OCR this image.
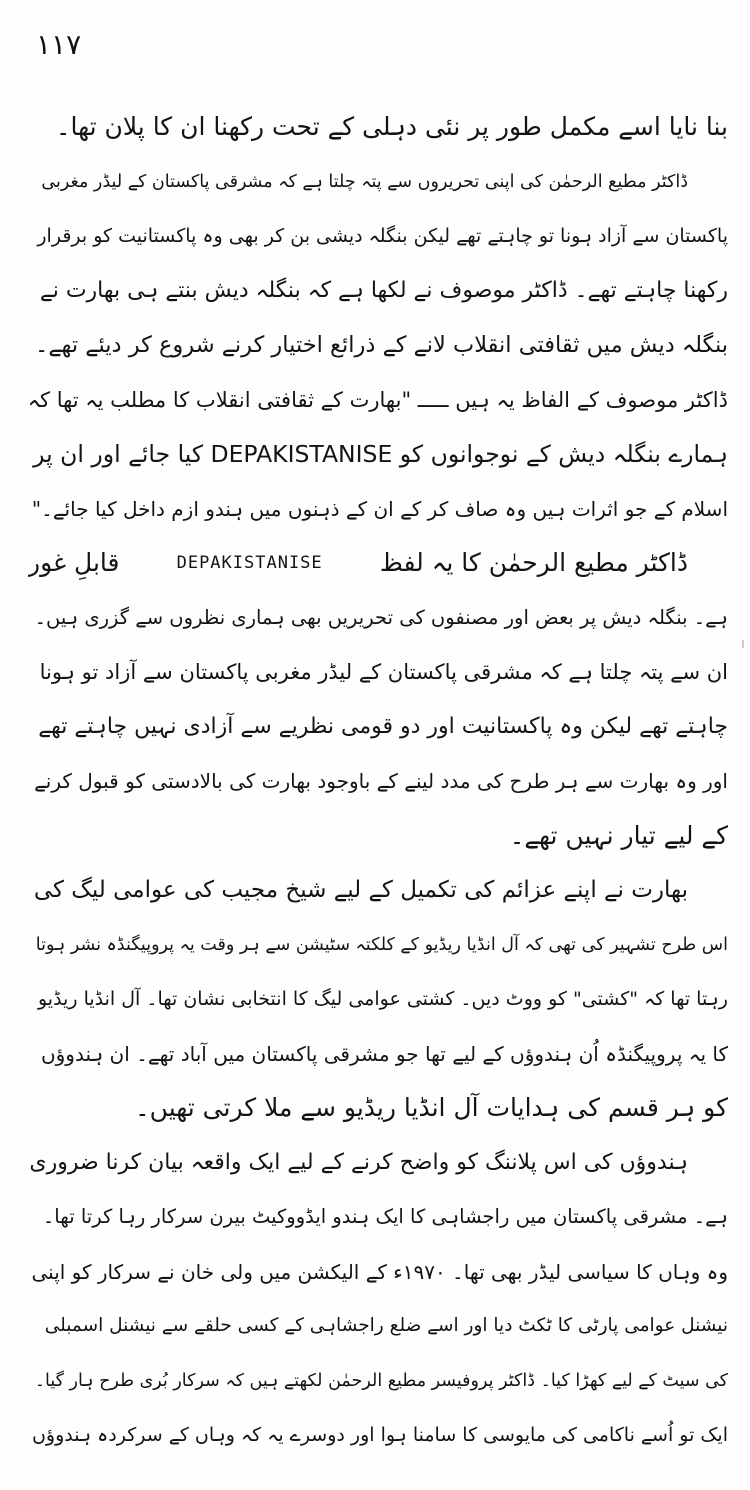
۱۱۷
بنا نایا اسے مکمل طور پر نئی دہلی کے تحت رکھنا ان کا پلان تھا۔
ڈاکٹر مطیع الرحمٰن کی اپنی تحریروں سے پتہ چلتا ہے کہ مشرقی پاکستان کے لیڈر مغربی
پاکستان سے آزاد ہونا تو چاہتے تھے لیکن بنگلہ دیشی بن کر بھی وہ پاکستانیت کو برقرار
رکھنا چاہتے تھے۔ ڈاکٹر موصوف نے لکھا ہے کہ بنگلہ دیش بنتے ہی بھارت نے
بنگلہ دیش میں ثقافتی انقلاب لانے کے ذرائع اختیار کرنے شروع کر دیئے تھے۔
ڈاکٹر موصوف کے الفاظ یہ ہیں ـــــ "بھارت کے ثقافتی انقلاب کا مطلب یہ تھا کہ
ہمارے بنگلہ دیش کے نوجوانوں کو DEPAKISTANISE کیا جائے اور ان پر
اسلام کے جو اثرات ہیں وہ صاف کر کے ان کے ذہنوں میں ہندو ازم داخل کیا جائے۔"
ڈاکٹر مطیع الرحمٰن کا یہ لفظ
DEPAKISTANISE
قابلِ غور
ہے۔ بنگلہ دیش پر بعض اور مصنفوں کی تحریریں بھی ہماری نظروں سے گزری ہیں۔
ان سے پتہ چلتا ہے کہ مشرقی پاکستان کے لیڈر مغربی پاکستان سے آزاد تو ہونا
چاہتے تھے لیکن وہ پاکستانیت اور دو قومی نظریے سے آزادی نہیں چاہتے تھے
اور وہ بھارت سے ہر طرح کی مدد لینے کے باوجود بھارت کی بالادستی کو قبول کرنے
کے لیے تیار نہیں تھے۔
بھارت نے اپنے عزائم کی تکمیل کے لیے شیخ مجیب کی عوامی لیگ کی
اس طرح تشہیر کی تھی کہ آل انڈیا ریڈیو کے کلکتہ سٹیشن سے ہر وقت یہ پروپیگنڈہ نشر ہوتا
رہتا تھا کہ "کشتی" کو ووٹ دیں۔ کشتی عوامی لیگ کا انتخابی نشان تھا۔ آل انڈیا ریڈیو
کا یہ پروپیگنڈہ اُن ہندوؤں کے لیے تھا جو مشرقی پاکستان میں آباد تھے۔ ان ہندوؤں
کو ہر قسم کی ہدایات آل انڈیا ریڈیو سے ملا کرتی تھیں۔
ہندوؤں کی اس پلاننگ کو واضح کرنے کے لیے ایک واقعہ بیان کرنا ضروری
ہے۔ مشرقی پاکستان میں راجشاہی کا ایک ہندو ایڈووکیٹ بیرن سرکار رہا کرتا تھا۔
وہ وہاں کا سیاسی لیڈر بھی تھا۔ ۱۹۷۰ء کے الیکشن میں ولی خان نے سرکار کو اپنی
نیشنل عوامی پارٹی کا ٹکٹ دیا اور اسے ضلع راجشاہی کے کسی حلقے سے نیشنل اسمبلی
کی سیٹ کے لیے کھڑا کیا۔ ڈاکٹر پروفیسر مطیع الرحمٰن لکھتے ہیں کہ سرکار بُری طرح ہار گیا۔
ایک تو اُسے ناکامی کی مایوسی کا سامنا ہوا اور دوسرے یہ کہ وہاں کے سرکردہ ہندوؤں
